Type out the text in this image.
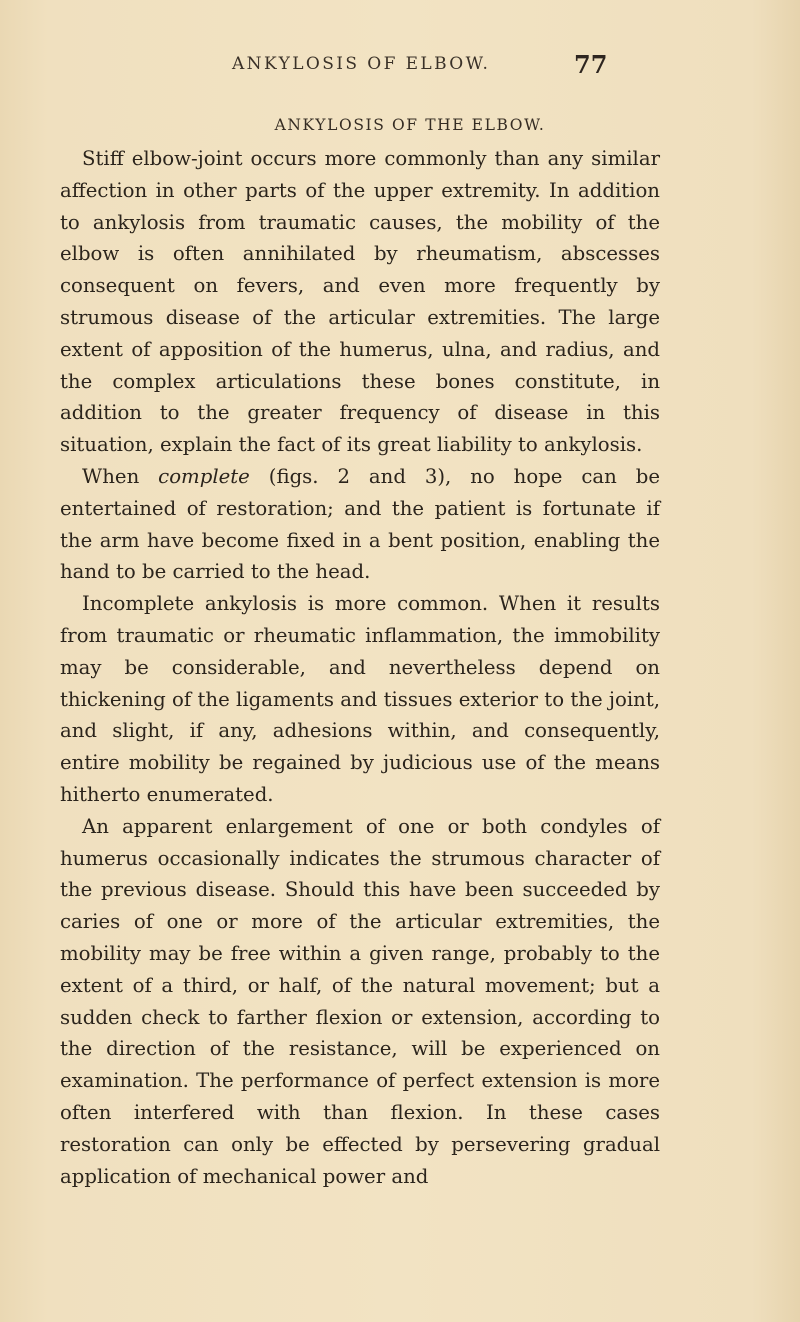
ANKYLOSIS OF ELBOW.	77
ANKYLOSIS OF THE ELBOW.

Stiff elbow-joint occurs more commonly than any similar affection in other parts of the upper extremity. In addition to ankylosis from traumatic causes, the mobility of the elbow is often annihilated by rheumatism, abscesses consequent on fevers, and even more frequently by strumous disease of the articular extremities. The large extent of apposition of the humerus, ulna, and radius, and the complex articulations these bones constitute, in addition to the greater frequency of disease in this situation, explain the fact of its great liability to ankylosis.

When complete (figs. 2 and 3), no hope can be entertained of restoration; and the patient is fortunate if the arm have become fixed in a bent position, enabling the hand to be carried to the head.

Incomplete ankylosis is more common. When it results from traumatic or rheumatic inflammation, the immobility may be considerable, and nevertheless depend on thickening of the ligaments and tissues exterior to the joint, and slight, if any, adhesions within, and consequently, entire mobility be regained by judicious use of the means hitherto enumerated.

An apparent enlargement of one or both condyles of humerus occasionally indicates the strumous character of the previous disease. Should this have been succeeded by caries of one or more of the articular extremities, the mobility may be free within a given range, probably to the extent of a third, or half, of the natural movement; but a sudden check to farther flexion or extension, according to the direction of the resistance, will be experienced on examination. The performance of perfect extension is more often interfered with than flexion. In these cases restoration can only be effected by persevering gradual application of mechanical power and
